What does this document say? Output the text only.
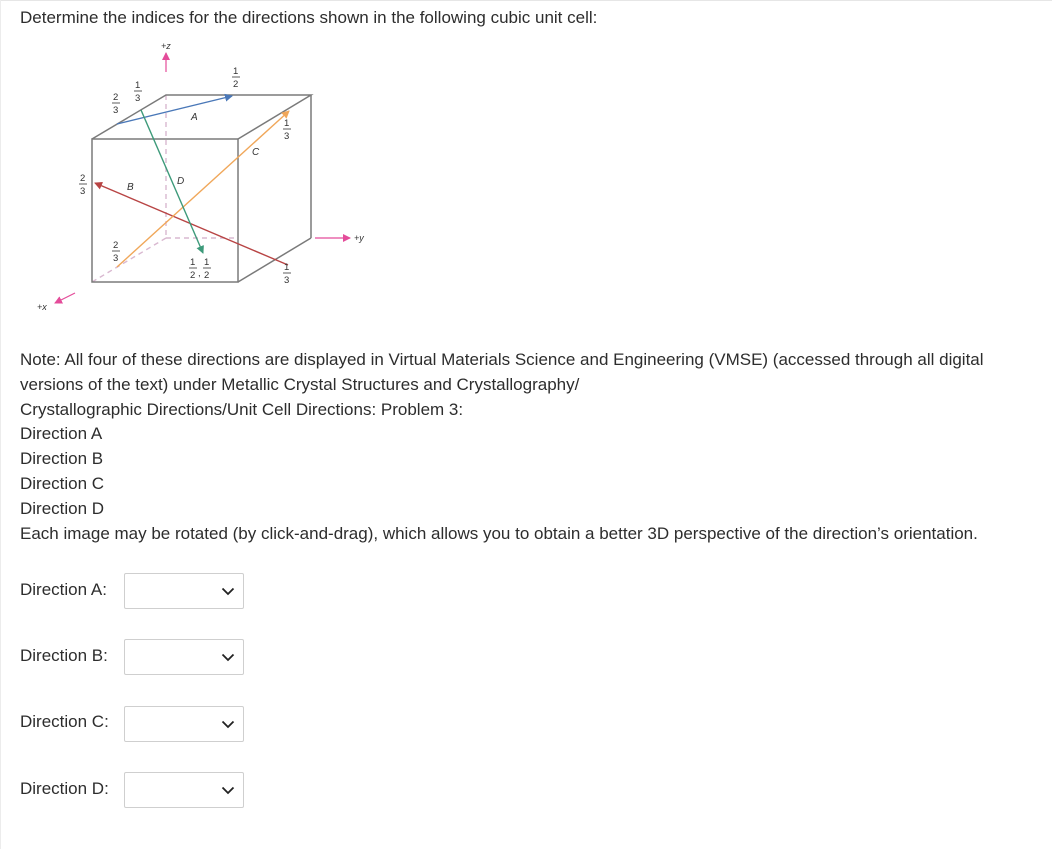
Determine the indices for the directions shown in the following cubic unit cell:

+z
+y
+x
A
B
C
D
2
3
1
3
1
2
1
3
2
3
2
3	1
2 ,
1
2
1
3
Note: All four of these directions are displayed in Virtual Materials Science and Engineering (VMSE) (accessed through all digital
versions of the text) under Metallic Crystal Structures and Crystallography/
Crystallographic Directions/Unit Cell Directions: Problem 3:
Direction A
Direction B
Direction C
Direction D
Each image may be rotated (by click-and-drag), which allows you to obtain a better 3D perspective of the direction’s orientation.
Direction A:
Direction B:
Direction C:
Direction D:
